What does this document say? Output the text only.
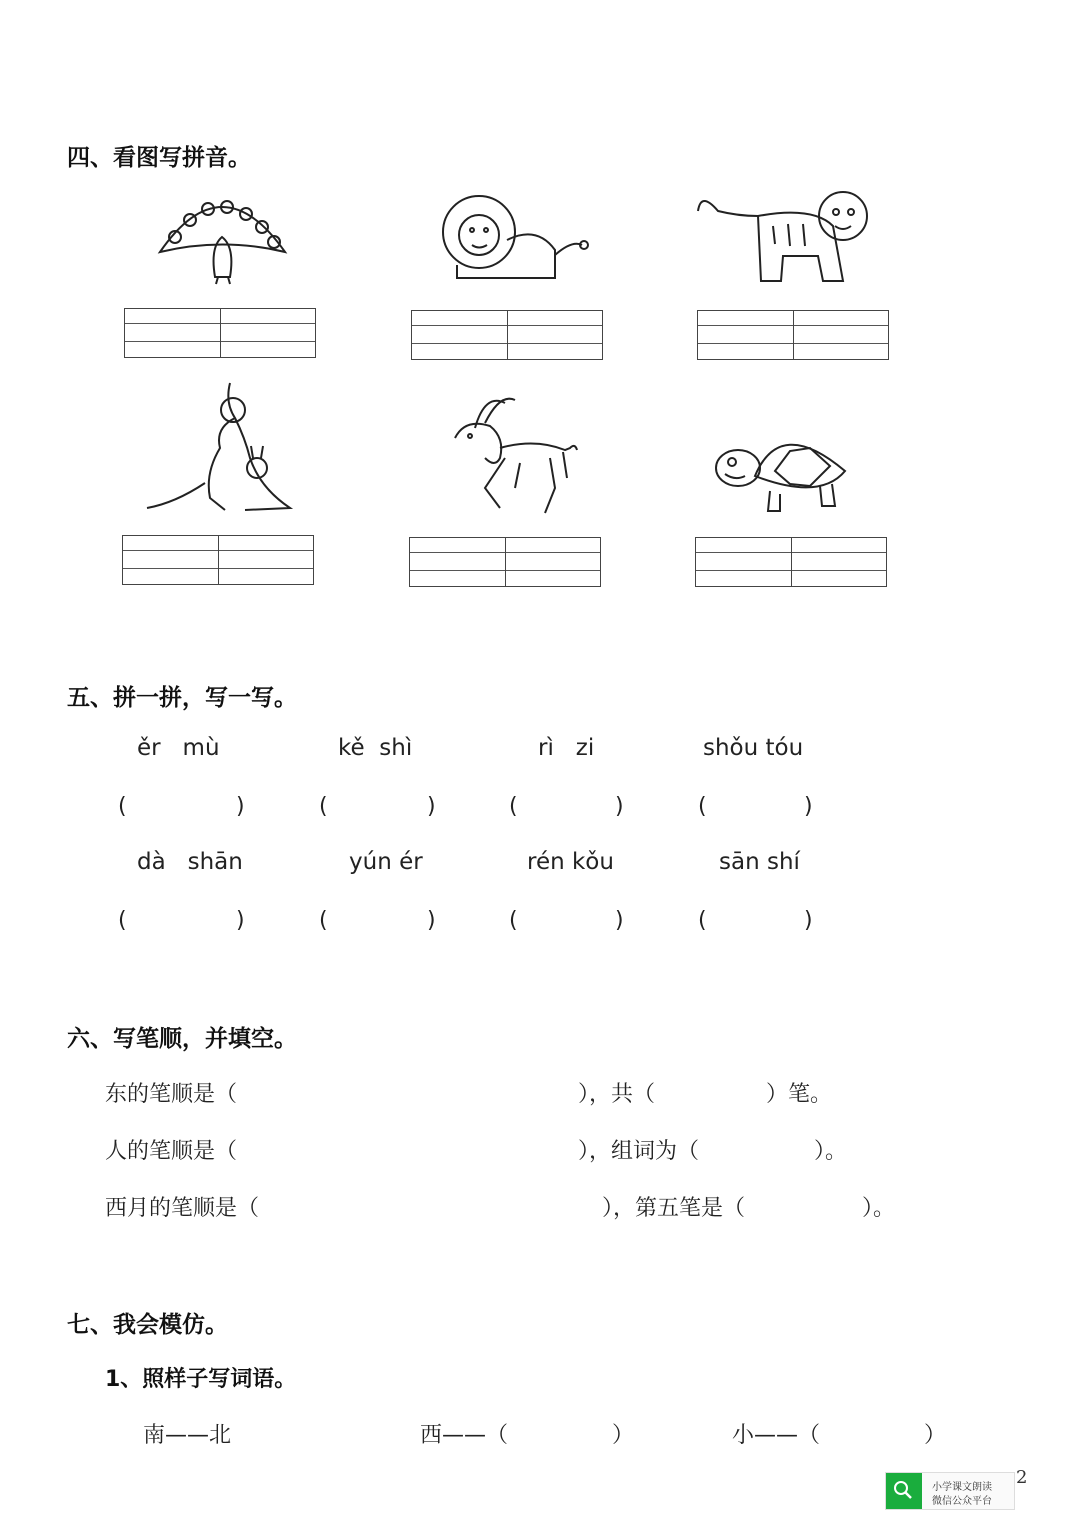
四、看图写拼音。
五、拼一拼，写一写。
ěr   mù	kě  shì	rì   zi	shǒu tóu
(	)	(	)	(	)	(	)
dà   shān	yún ér	rén kǒu	sān shí
(	)	(	)	(	)	(	)
六、写笔顺，并填空。
东的笔顺是（	），共（	）笔。
人的笔顺是（	），组词为（	）。
西月的笔顺是（	），第五笔是（	）。
七、我会模仿。
1、照样子写词语。
南——北	西——（	）	小——（	）
小学课文朗读
微信公众平台
2
